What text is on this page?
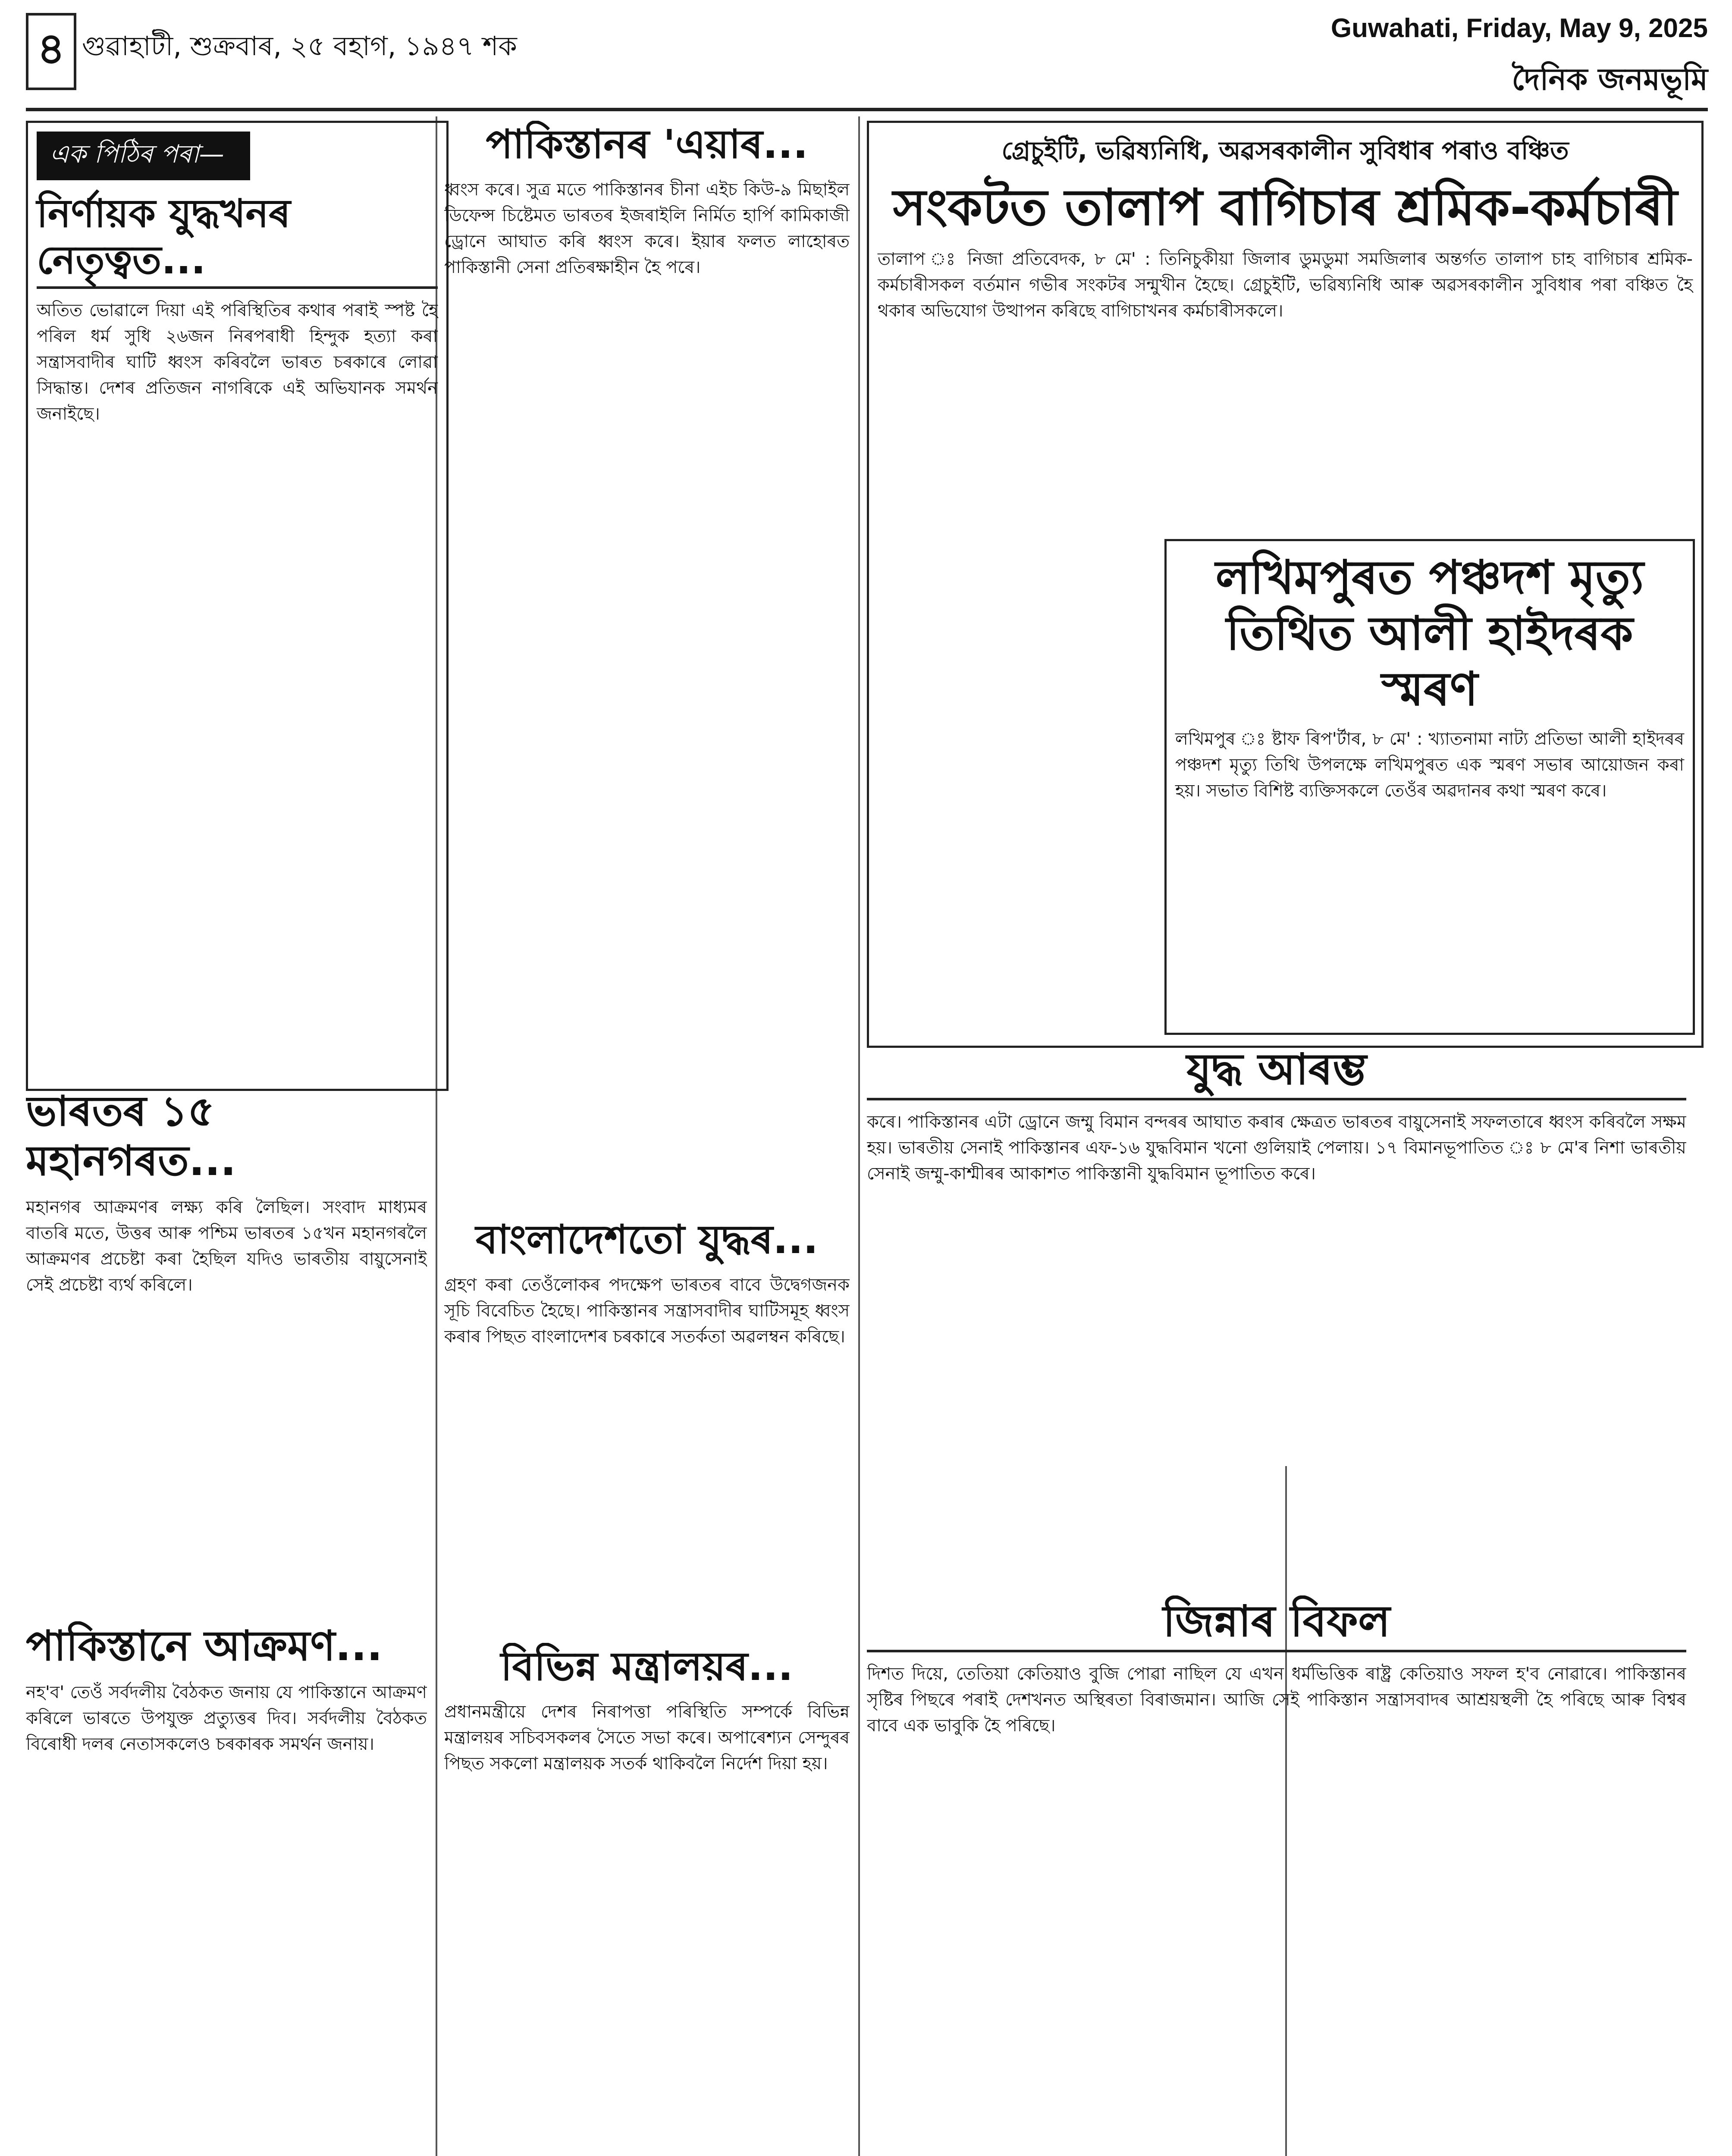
৪ গুৱাহাটী, শুক্ৰবাৰ, ২৫ বহাগ, ১৯৪৭ শক
Guwahati, Friday, May 9, 2025
দৈনিক জনমভূমি
এক পিঠিৰ পৰা—
নিৰ্ণায়ক যুদ্ধখনৰ নেতৃত্বত...
অতিত ভোৱালে দিয়া এই পৰিস্থিতিৰ কথাৰ পৰাই স্পষ্ট হৈ পৰিল ধৰ্ম সুধি ২৬জন নিৰপৰাধী হিন্দুক হত্যা কৰা সন্ত্ৰাসবাদীৰ ঘাটি ধ্বংস কৰিবলৈ ভাৰত চৰকাৰে লোৱা সিদ্ধান্ত। দেশৰ প্ৰতিজন নাগৰিকে এই অভিযানক সমৰ্থন জনাইছে।
ভাৰতৰ ১৫ মহানগৰত...
মহানগৰ আক্ৰমণৰ লক্ষ্য কৰি লৈছিল। সংবাদ মাধ্যমৰ বাতৰি মতে, উত্তৰ আৰু পশ্চিম ভাৰতৰ ১৫খন মহানগৰলৈ আক্ৰমণৰ প্ৰচেষ্টা কৰা হৈছিল যদিও ভাৰতীয় বায়ুসেনাই সেই প্ৰচেষ্টা ব্যৰ্থ কৰিলে।
পাকিস্তানে আক্ৰমণ...
নহ'ব' তেওঁ সৰ্বদলীয় বৈঠকত জনায় যে পাকিস্তানে আক্ৰমণ কৰিলে ভাৰতে উপযুক্ত প্ৰত্যুত্তৰ দিব। সৰ্বদলীয় বৈঠকত বিৰোধী দলৰ নেতাসকলেও চৰকাৰক সমৰ্থন জনায়।
পাকিস্তানৰ 'এয়াৰ...
ধ্বংস কৰে। সুত্ৰ মতে পাকিস্তানৰ চীনা এইচ কিউ-৯ মিছাইল ডিফেন্স চিষ্টেমত ভাৰতৰ ইজৰাইলি নিৰ্মিত হাৰ্পি কামিকাজী ড্ৰোনে আঘাত কৰি ধ্বংস কৰে। ইয়াৰ ফলত লাহোৰত পাকিস্তানী সেনা প্ৰতিৰক্ষাহীন হৈ পৰে।
বাংলাদেশতো যুদ্ধৰ...
গ্ৰহণ কৰা তেওঁলোকৰ পদক্ষেপ ভাৰতৰ বাবে উদ্বেগজনক সূচি বিবেচিত হৈছে। পাকিস্তানৰ সন্ত্ৰাসবাদীৰ ঘাটিসমূহ ধ্বংস কৰাৰ পিছত বাংলাদেশৰ চৰকাৰে সতৰ্কতা অৱলম্বন কৰিছে।
বিভিন্ন মন্ত্ৰালয়ৰ...
প্ৰধানমন্ত্ৰীয়ে দেশৰ নিৰাপত্তা পৰিস্থিতি সম্পৰ্কে বিভিন্ন মন্ত্ৰালয়ৰ সচিবসকলৰ সৈতে সভা কৰে। অপাৰেশ্যন সেন্দুৰৰ পিছত সকলো মন্ত্ৰালয়ক সতৰ্ক থাকিবলৈ নিৰ্দেশ দিয়া হয়।
গ্ৰেচুইটি, ভৱিষ্যনিধি, অৱসৰকালীন সুবিধাৰ পৰাও বঞ্চিত
সংকটত তালাপ বাগিচাৰ শ্ৰমিক-কৰ্মচাৰী
তালাপ ঃ নিজা প্ৰতিবেদক, ৮ মে' : তিনিচুকীয়া জিলাৰ ডুমডুমা সমজিলাৰ অন্তৰ্গত তালাপ চাহ বাগিচাৰ শ্ৰমিক-কৰ্মচাৰীসকল বৰ্তমান গভীৰ সংকটৰ সন্মুখীন হৈছে। গ্ৰেচুইটি, ভৱিষ্যনিধি আৰু অৱসৰকালীন সুবিধাৰ পৰা বঞ্চিত হৈ থকাৰ অভিযোগ উত্থাপন কৰিছে বাগিচাখনৰ কৰ্মচাৰীসকলে।
লখিমপুৰত পঞ্চদশ মৃত্যু তিথিত আলী হাইদৰক স্মৰণ
লখিমপুৰ ঃ ষ্টাফ ৰিপ'ৰ্টাৰ, ৮ মে' : খ্যাতনামা নাট্য প্ৰতিভা আলী হাইদৰৰ পঞ্চদশ মৃত্যু তিথি উপলক্ষে লখিমপুৰত এক স্মৰণ সভাৰ আয়োজন কৰা হয়। সভাত বিশিষ্ট ব্যক্তিসকলে তেওঁৰ অৱদানৰ কথা স্মৰণ কৰে।
যুদ্ধ আৰম্ভ
কৰে। পাকিস্তানৰ এটা ড্ৰোনে জম্মু বিমান বন্দৰৰ আঘাত কৰাৰ ক্ষেত্ৰত ভাৰতৰ বায়ুসেনাই সফলতাৰে ধ্বংস কৰিবলৈ সক্ষম হয়। ভাৰতীয় সেনাই পাকিস্তানৰ এফ-১৬ যুদ্ধবিমান খনো গুলিয়াই পেলায়। ১৭ বিমানভূপাতিত ঃ ৮ মে'ৰ নিশা ভাৰতীয় সেনাই জম্মু-কাশ্মীৰৰ আকাশত পাকিস্তানী যুদ্ধবিমান ভূপাতিত কৰে।
জিন্নাৰ বিফল
দিশত দিয়ে, তেতিয়া কেতিয়াও বুজি পোৱা নাছিল যে এখন ধৰ্মভিত্তিক ৰাষ্ট্ৰ কেতিয়াও সফল হ'ব নোৱাৰে। পাকিস্তানৰ সৃষ্টিৰ পিছৰে পৰাই দেশখনত অস্থিৰতা বিৰাজমান। আজি সেই পাকিস্তান সন্ত্ৰাসবাদৰ আশ্ৰয়স্থলী হৈ পৰিছে আৰু বিশ্বৰ বাবে এক ভাবুকি হৈ পৰিছে।
